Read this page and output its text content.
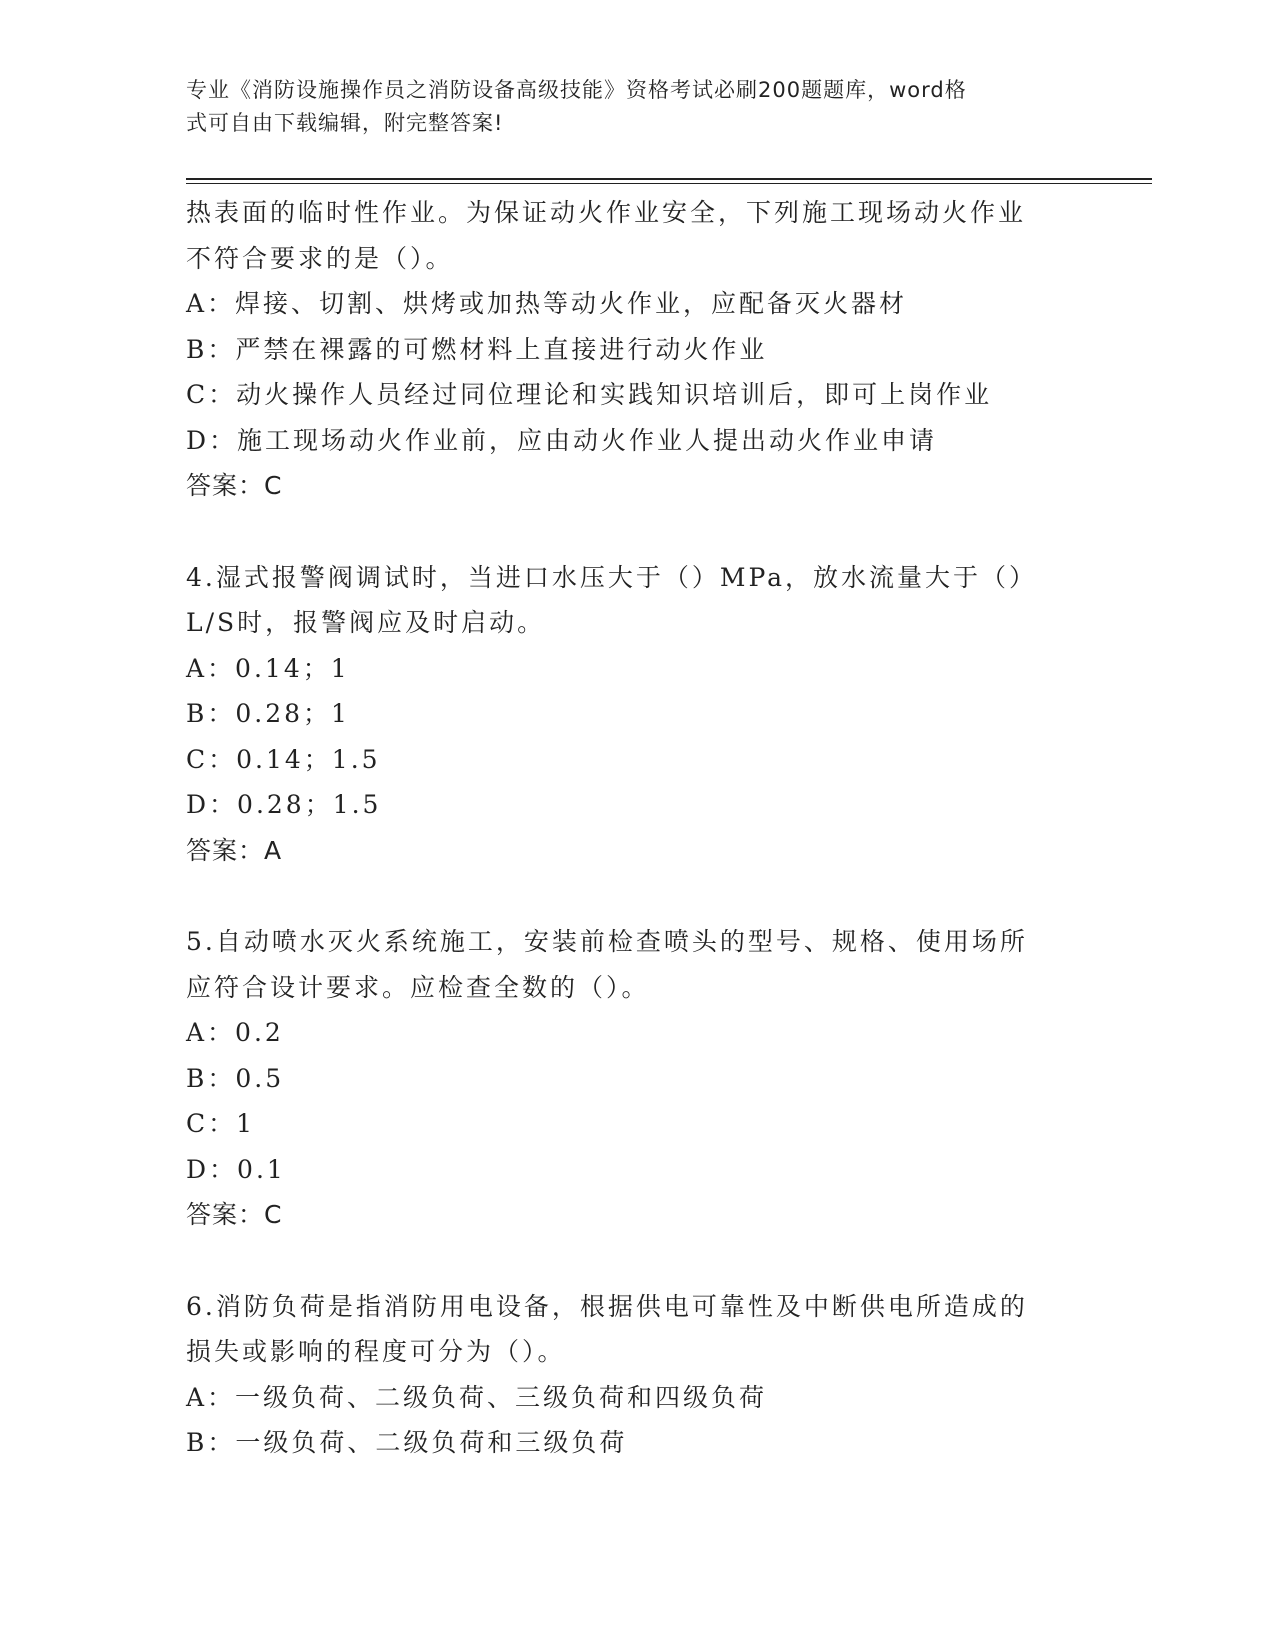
专业《消防设施操作员之消防设备高级技能》资格考试必刷200题题库，word格
式可自由下载编辑，附完整答案!
热表面的临时性作业。为保证动火作业安全，下列施工现场动火作业
不符合要求的是（）。
A：焊接、切割、烘烤或加热等动火作业，应配备灭火器材
B：严禁在裸露的可燃材料上直接进行动火作业
C：动火操作人员经过同位理论和实践知识培训后，即可上岗作业
D：施工现场动火作业前，应由动火作业人提出动火作业申请
答案：C
4.湿式报警阀调试时，当进口水压大于（）MPa，放水流量大于（）
L/S时，报警阀应及时启动。
A：0.14；1
B：0.28；1
C：0.14；1.5
D：0.28；1.5
答案：A
5.自动喷水灭火系统施工，安装前检查喷头的型号、规格、使用场所
应符合设计要求。应检查全数的（）。
A：0.2
B：0.5
C：1
D：0.1
答案：C
6.消防负荷是指消防用电设备，根据供电可靠性及中断供电所造成的
损失或影响的程度可分为（）。
A：一级负荷、二级负荷、三级负荷和四级负荷
B：一级负荷、二级负荷和三级负荷
